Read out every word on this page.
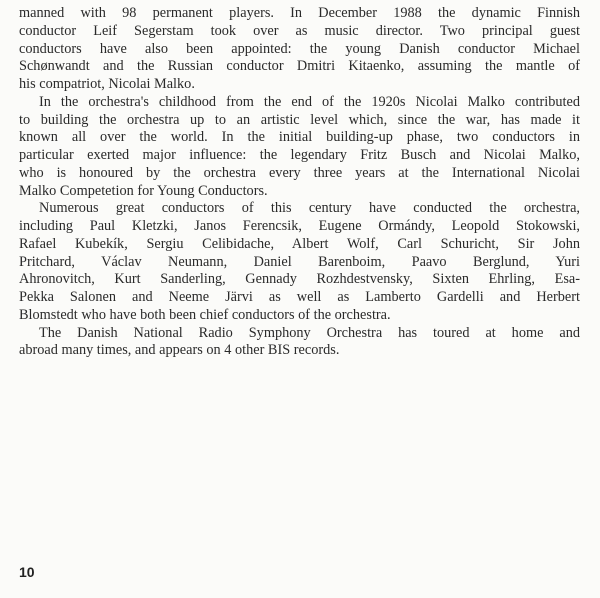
manned with 98 permanent players. In December 1988 the dynamic Finnish
conductor Leif Segerstam took over as music director. Two principal guest
conductors have also been appointed: the young Danish conductor Michael
Schønwandt and the Russian conductor Dmitri Kitaenko, assuming the mantle of
his compatriot, Nicolai Malko.
In the orchestra's childhood from the end of the 1920s Nicolai Malko contributed
to building the orchestra up to an artistic level which, since the war, has made it
known all over the world. In the initial building-up phase, two conductors in
particular exerted major influence: the legendary Fritz Busch and Nicolai Malko,
who is honoured by the orchestra every three years at the International Nicolai
Malko Competetion for Young Conductors.
Numerous great conductors of this century have conducted the orchestra,
including Paul Kletzki, Janos Ferencsik, Eugene Ormándy, Leopold Stokowski,
Rafael Kubekík, Sergiu Celibidache, Albert Wolf, Carl Schuricht, Sir John
Pritchard, Václav Neumann, Daniel Barenboim, Paavo Berglund, Yuri
Ahronovitch, Kurt Sanderling, Gennady Rozhdestvensky, Sixten Ehrling, Esa-
Pekka Salonen and Neeme Järvi as well as Lamberto Gardelli and Herbert
Blomstedt who have both been chief conductors of the orchestra.
The Danish National Radio Symphony Orchestra has toured at home and
abroad many times, and appears on 4 other BIS records.
10
